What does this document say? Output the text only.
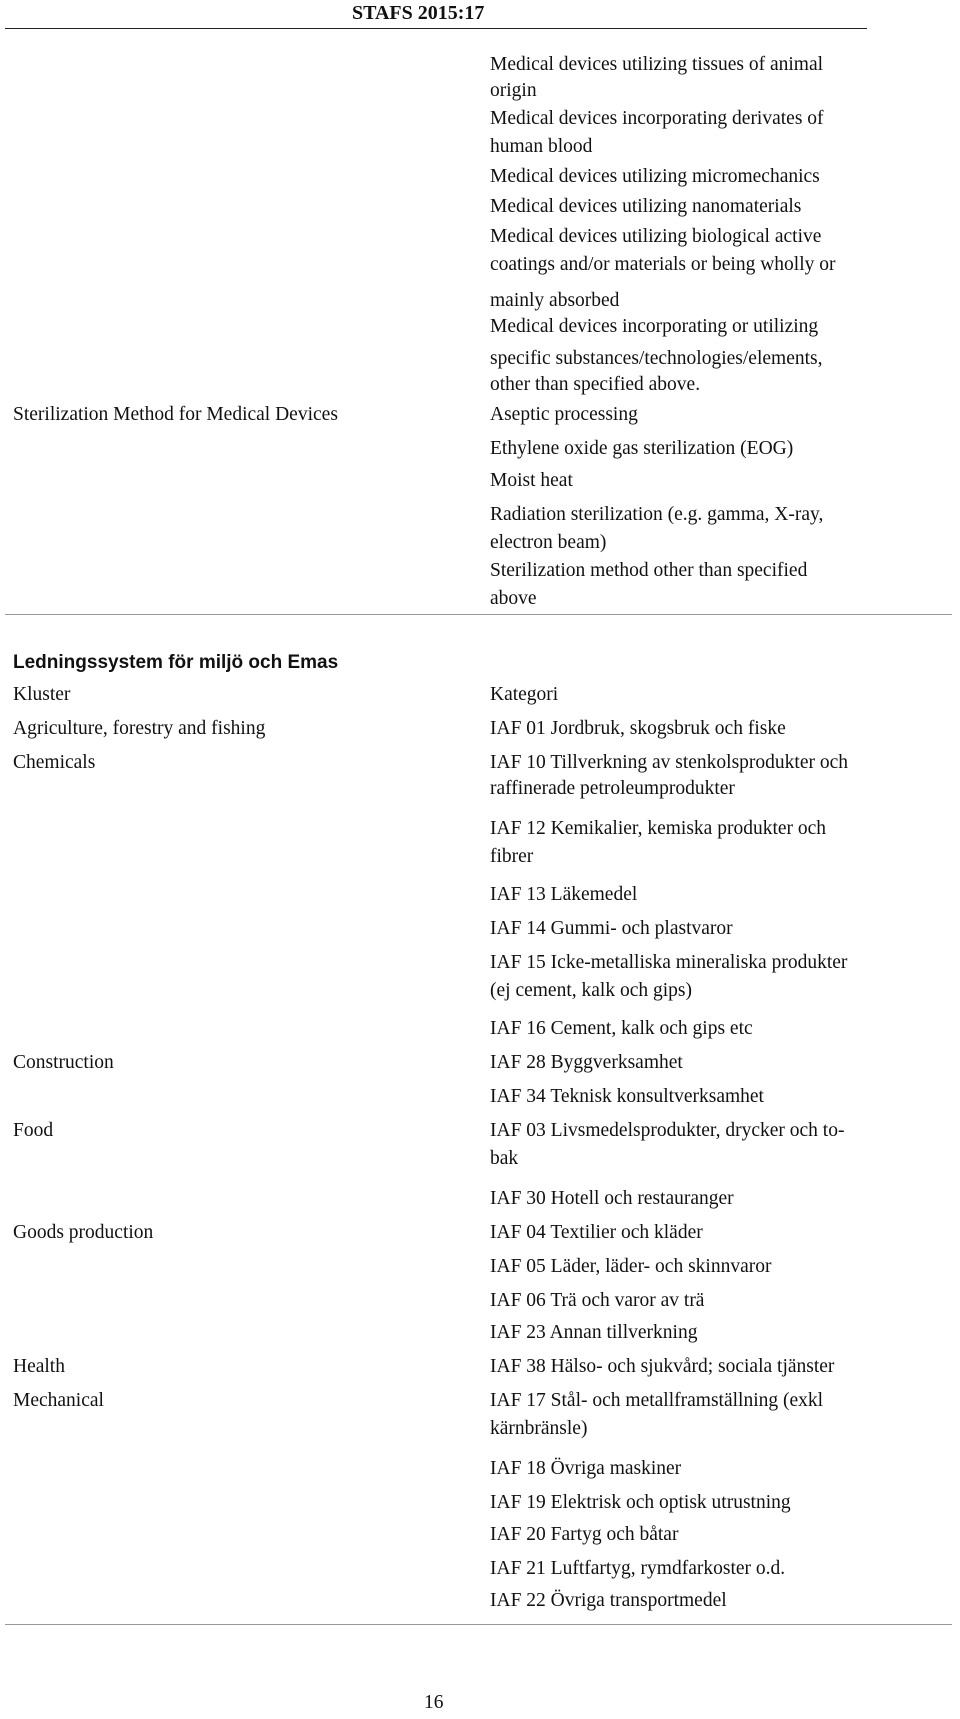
STAFS 2015:17
Medical devices utilizing tissues of animal
origin
Medical devices incorporating derivates of
human blood
Medical devices utilizing micromechanics
Medical devices utilizing nanomaterials
Medical devices utilizing biological active
coatings and/or materials or being wholly or
mainly absorbed
Medical devices incorporating or utilizing
specific substances/technologies/elements,
other than specified above.
Sterilization Method for Medical Devices	Aseptic processing
Ethylene oxide gas sterilization (EOG)
Moist heat
Radiation sterilization (e.g. gamma, X-ray,
electron beam)
Sterilization method other than specified
above
Ledningssystem för miljö och Emas
Kluster	Kategori
Agriculture, forestry and fishing
Chemicals
Construction
Food
Goods production
Health
Mechanical
IAF 01 Jordbruk, skogsbruk och fiske
IAF 10 Tillverkning av stenkolsprodukter och
raffinerade petroleumprodukter
IAF 12 Kemikalier, kemiska produkter och
fibrer
IAF 13 Läkemedel
IAF 14 Gummi- och plastvaror
IAF 15 Icke-metalliska mineraliska produkter
(ej cement, kalk och gips)
IAF 16 Cement, kalk och gips etc
IAF 28 Byggverksamhet
IAF 34 Teknisk konsultverksamhet
IAF 03 Livsmedelsprodukter, drycker och to-
bak
IAF 30 Hotell och restauranger
IAF 04 Textilier och kläder
IAF 05 Läder, läder- och skinnvaror
IAF 06 Trä och varor av trä
IAF 23 Annan tillverkning
IAF 38 Hälso- och sjukvård; sociala tjänster
IAF 17 Stål- och metallframställning (exkl
kärnbränsle)
IAF 18 Övriga maskiner
IAF 19 Elektrisk och optisk utrustning
IAF 20 Fartyg och båtar
IAF 21 Luftfartyg, rymdfarkoster o.d.
IAF 22 Övriga transportmedel
16
